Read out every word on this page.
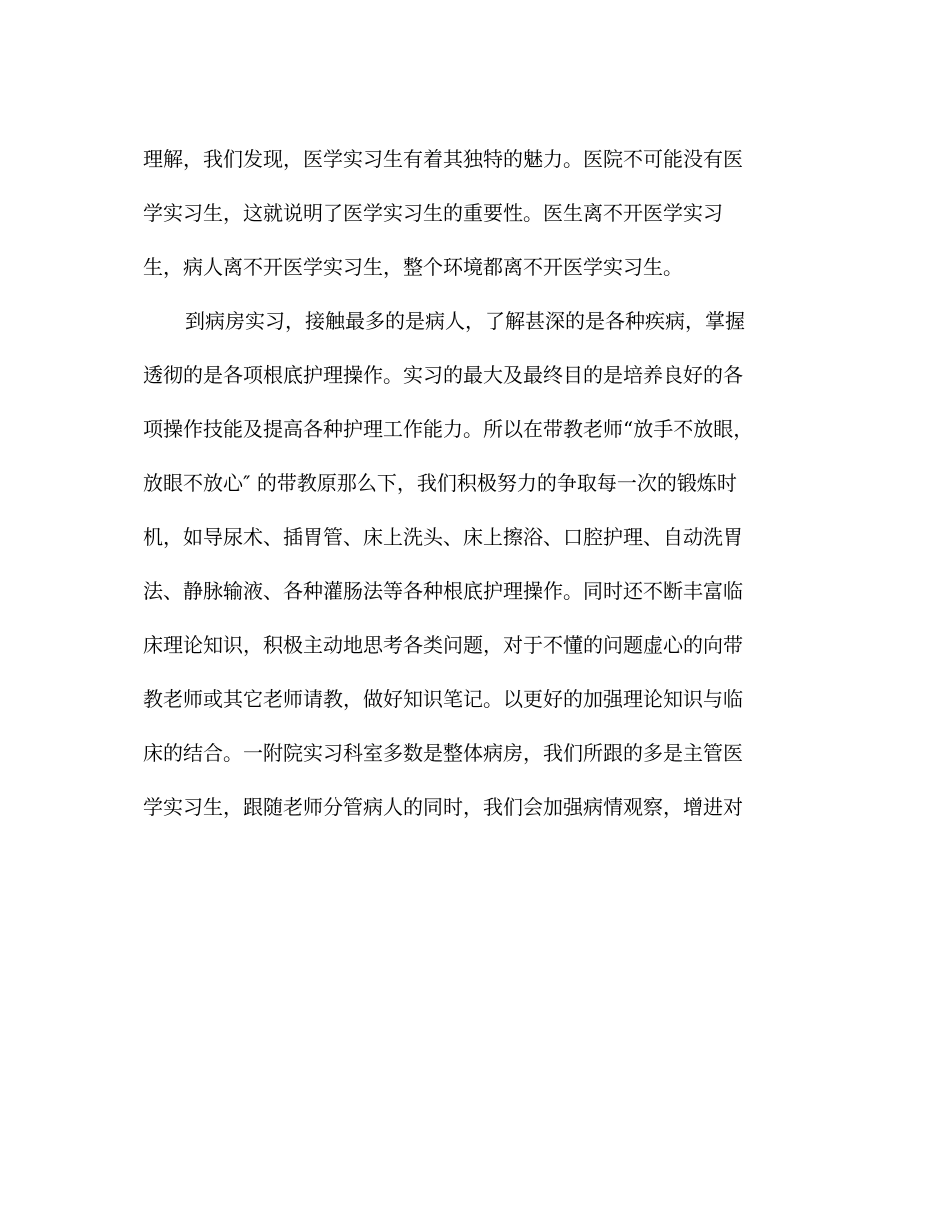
理解，我们发现，医学实习生有着其独特的魅力。医院不可能没有医
学实习生，这就说明了医学实习生的重要性。医生离不开医学实习
生，病人离不开医学实习生，整个环境都离不开医学实习生。
到病房实习，接触最多的是病人，了解甚深的是各种疾病，掌握
透彻的是各项根底护理操作。实习的最大及最终目的是培养良好的各
项操作技能及提高各种护理工作能力。所以在带教老师“放手不放眼，
放眼不放心″ 的带教原那么下，我们积极努力的争取每一次的锻炼时
机，如导尿术、插胃管、床上洗头、床上擦浴、口腔护理、自动洗胃
法、静脉输液、各种灌肠法等各种根底护理操作。同时还不断丰富临
床理论知识，积极主动地思考各类问题，对于不懂的问题虚心的向带
教老师或其它老师请教，做好知识笔记。以更好的加强理论知识与临
床的结合。一附院实习科室多数是整体病房，我们所跟的多是主管医
学实习生，跟随老师分管病人的同时，我们会加强病情观察，增进对
